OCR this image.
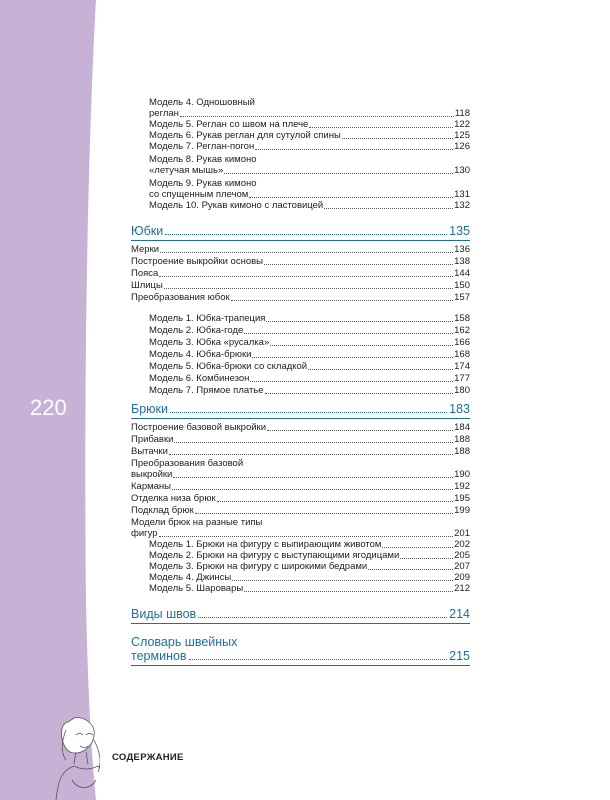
220
СОДЕРЖАНИЕ
Модель 4. Одношовный
реглан	118
Модель 5. Реглан со швом на плече	122
Модель 6. Рукав реглан для сутулой спины	125
Модель 7. Реглан-погон	126
Модель 8. Рукав кимоно
«летучая мышь»	130
Модель 9. Рукав кимоно
со спущенным плечом	131
Модель 10. Рукав кимоно с ластовицей	132
Юбки	135
Мерки	136
Построение выкройки основы	138
Пояса	144
Шлицы	150
Преобразования юбок	157
Модель 1. Юбка-трапеция	158
Модель 2. Юбка-годе	162
Модель 3. Юбка «русалка»	166
Модель 4. Юбка-брюки	168
Модель 5. Юбка-брюки со складкой	174
Модель 6. Комбинезон	177
Модель 7. Прямое платье	180
Брюки	183
Построение базовой выкройки	184
Прибавки	188
Вытачки	188
Преобразования базовой
выкройки	190
Карманы	192
Отделка низа брюк	195
Подклад брюк	199
Модели брюк на разные типы
фигур	201
Модель 1. Брюки на фигуру с выпирающим животом	202
Модель 2. Брюки на фигуру с выступающими ягодицами	205
Модель 3. Брюки на фигуру с широкими бедрами	207
Модель 4. Джинсы	209
Модель 5. Шаровары	212
Виды швов	214
Словарь швейных
терминов	215
